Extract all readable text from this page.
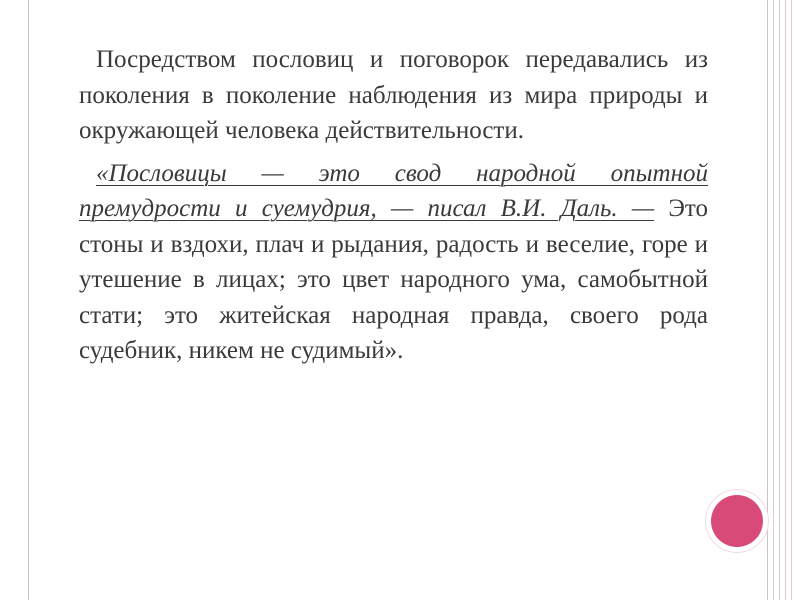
Посредством пословиц и поговорок передавались из поколения в поколение наблюдения из мира природы и окружающей человека действительности.

«Пословицы — это свод народной опытной премудрости и суемудрия, — писал В.И. Даль. — Это стоны и вздохи, плач и рыдания, радость и веселие, горе и утешение в лицах; это цвет народного ума, самобытной стати; это житейская народная правда, своего рода судебник, никем не судимый».
